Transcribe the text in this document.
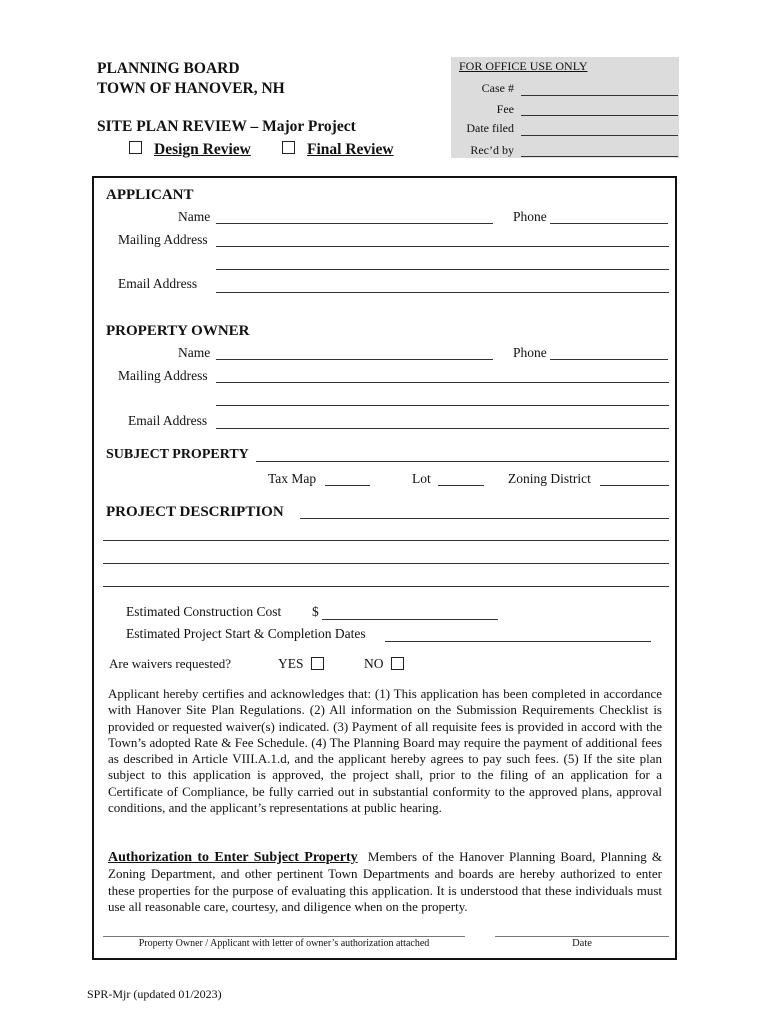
PLANNING BOARD
TOWN OF HANOVER, NH
SITE PLAN REVIEW – Major Project
Design Review	Final Review
FOR OFFICE USE ONLY
Case #
Fee
Date filed
Rec’d by
APPLICANT
Name	Phone
Mailing Address
Email Address
PROPERTY OWNER
Name	Phone
Mailing Address
Email Address
SUBJECT PROPERTY
Tax Map	Lot	Zoning District
PROJECT DESCRIPTION
Estimated Construction Cost $
Estimated Project Start & Completion Dates
Are waivers requested?	YES	NO
Applicant hereby certifies and acknowledges that: (1) This application has been completed in accordance with Hanover Site Plan Regulations. (2) All information on the Submission Requirements Checklist is provided or requested waiver(s) indicated. (3) Payment of all requisite fees is provided in accord with the Town’s adopted Rate & Fee Schedule. (4) The Planning Board may require the payment of additional fees as described in Article VIII.A.1.d, and the applicant hereby agrees to pay such fees. (5) If the site plan subject to this application is approved, the project shall, prior to the filing of an application for a Certificate of Compliance, be fully carried out in substantial conformity to the approved plans, approval conditions, and the applicant’s representations at public hearing.
Authorization to Enter Subject Property Members of the Hanover Planning Board, Planning & Zoning Department, and other pertinent Town Departments and boards are hereby authorized to enter these properties for the purpose of evaluating this application. It is understood that these individuals must use all reasonable care, courtesy, and diligence when on the property.
Property Owner / Applicant with letter of owner’s authorization attached	Date
SPR-Mjr (updated 01/2023)
